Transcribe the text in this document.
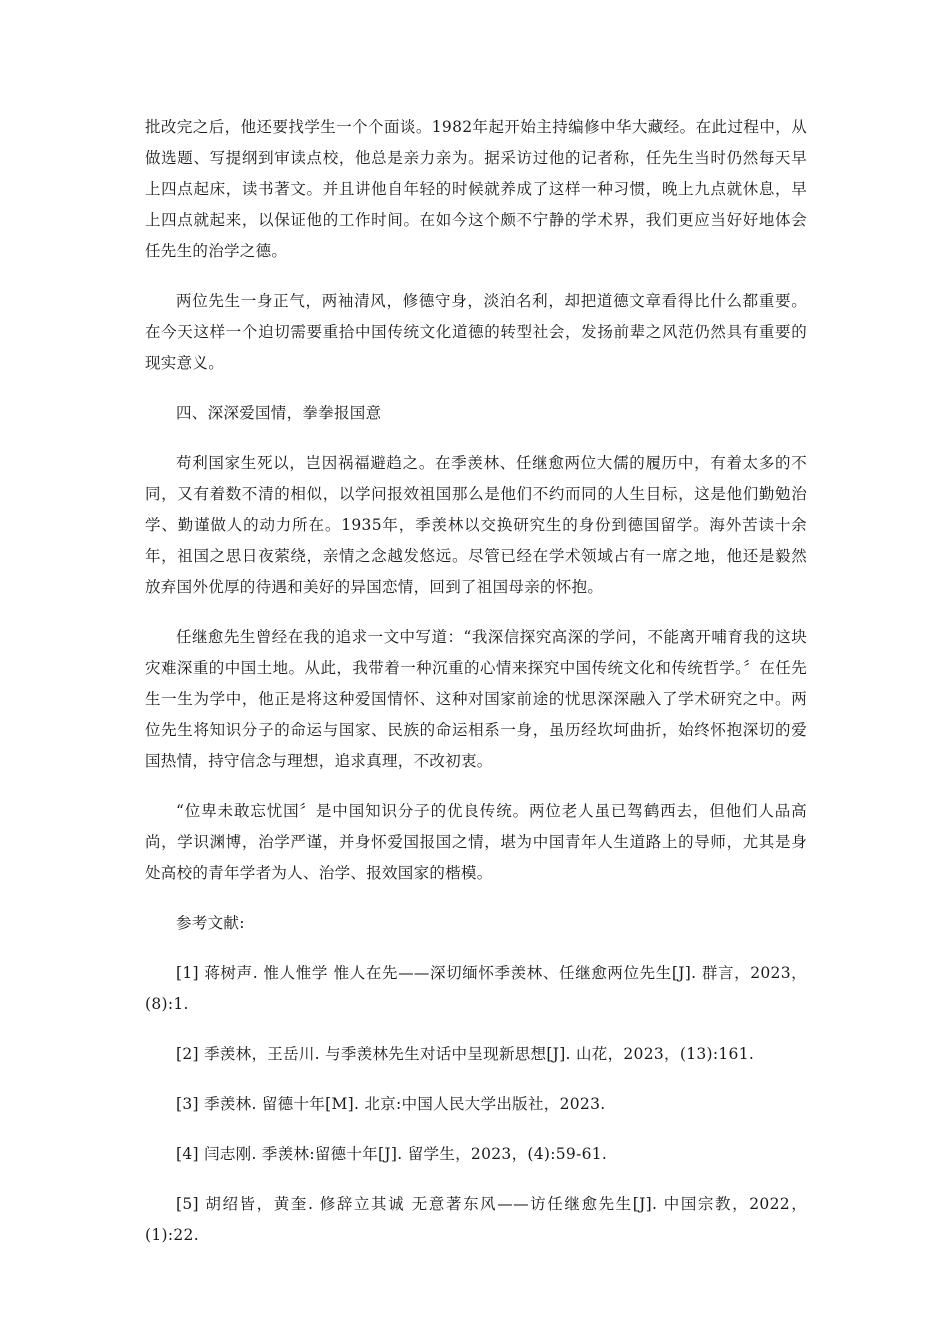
批改完之后，他还要找学生一个个面谈。1982年起开始主持编修中华大藏经。在此过程中，从做选题、写提纲到审读点校，他总是亲力亲为。据采访过他的记者称，任先生当时仍然每天早上四点起床，读书著文。并且讲他自年轻的时候就养成了这样一种习惯，晚上九点就休息，早上四点就起来，以保证他的工作时间。在如今这个颇不宁静的学术界，我们更应当好好地体会任先生的治学之德。

两位先生一身正气，两袖清风，修德守身，淡泊名利，却把道德文章看得比什么都重要。在今天这样一个迫切需要重拾中国传统文化道德的转型社会，发扬前辈之风范仍然具有重要的现实意义。

四、深深爱国情，拳拳报国意

苟利国家生死以，岂因祸福避趋之。在季羡林、任继愈两位大儒的履历中，有着太多的不同，又有着数不清的相似，以学问报效祖国那么是他们不约而同的人生目标，这是他们勤勉治学、勤谨做人的动力所在。1935年，季羡林以交换研究生的身份到德国留学。海外苦读十余年，祖国之思日夜萦绕，亲情之念越发悠远。尽管已经在学术领域占有一席之地，他还是毅然放弃国外优厚的待遇和美好的异国恋情，回到了祖国母亲的怀抱。

任继愈先生曾经在我的追求一文中写道：“我深信探究高深的学问，不能离开哺育我的这块灾难深重的中国土地。从此，我带着一种沉重的心情来探究中国传统文化和传统哲学。〞在任先生一生为学中，他正是将这种爱国情怀、这种对国家前途的忧思深深融入了学术研究之中。两位先生将知识分子的命运与国家、民族的命运相系一身，虽历经坎坷曲折，始终怀抱深切的爱国热情，持守信念与理想，追求真理，不改初衷。

“位卑未敢忘忧国〞是中国知识分子的优良传统。两位老人虽已驾鹤西去，但他们人品高尚，学识渊博，治学严谨，并身怀爱国报国之情，堪为中国青年人生道路上的导师，尤其是身处高校的青年学者为人、治学、报效国家的楷模。

参考文献:

[1] 蒋树声. 惟人惟学 惟人在先——深切缅怀季羡林、任继愈两位先生[J]. 群言，2023，(8):1.

[2] 季羡林，王岳川. 与季羡林先生对话中呈现新思想[J]. 山花，2023，(13):161.

[3] 季羡林. 留德十年[M]. 北京:中国人民大学出版社，2023.

[4] 闫志刚. 季羡林:留德十年[J]. 留学生，2023，(4):59-61.

[5] 胡绍皆，黄奎. 修辞立其诚 无意著东风——访任继愈先生[J]. 中国宗教，2022，(1):22.
